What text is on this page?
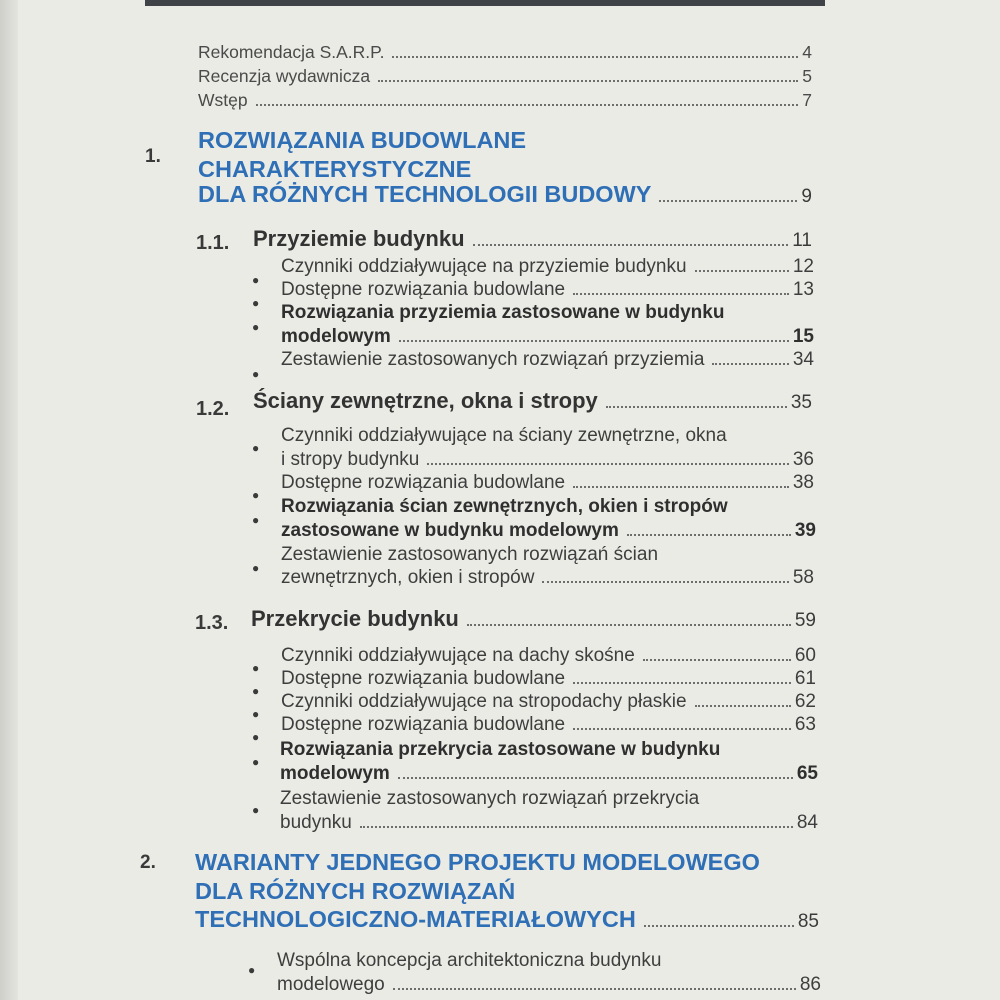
Rekomendacja S.A.R.P.	4
Recenzja wydawnicza	5
Wstęp	7
1.
ROZWIĄZANIA BUDOWLANE
CHARAKTERYSTYCZNE
DLA RÓŻNYCH TECHNOLOGII BUDOWY	9
1.1. Przyziemie budynku	11
●
Czynniki oddziaływujące na przyziemie budynku	12
●
Dostępne rozwiązania budowlane	13
●
Rozwiązania przyziemia zastosowane w budynku
modelowym	15
●
Zestawienie zastosowanych rozwiązań przyziemia	34
1.2. Ściany zewnętrzne, okna i stropy	35
●
Czynniki oddziaływujące na ściany zewnętrzne, okna
i stropy budynku	36
●
Dostępne rozwiązania budowlane	38
●
Rozwiązania ścian zewnętrznych, okien i stropów
zastosowane w budynku modelowym	39
●
Zestawienie zastosowanych rozwiązań ścian
zewnętrznych, okien i stropów	58
1.3. Przekrycie budynku	59
●
Czynniki oddziaływujące na dachy skośne	60
●
Dostępne rozwiązania budowlane	61
●
Czynniki oddziaływujące na stropodachy płaskie	62
●
Dostępne rozwiązania budowlane	63
●
Rozwiązania przekrycia zastosowane w budynku
modelowym	65
●
Zestawienie zastosowanych rozwiązań przekrycia
budynku	84
2. WARIANTY JEDNEGO PROJEKTU MODELOWEGO
DLA RÓŻNYCH ROZWIĄZAŃ
TECHNOLOGICZNO-MATERIAŁOWYCH	85
● Wspólna koncepcja architektoniczna budynku
modelowego	86
